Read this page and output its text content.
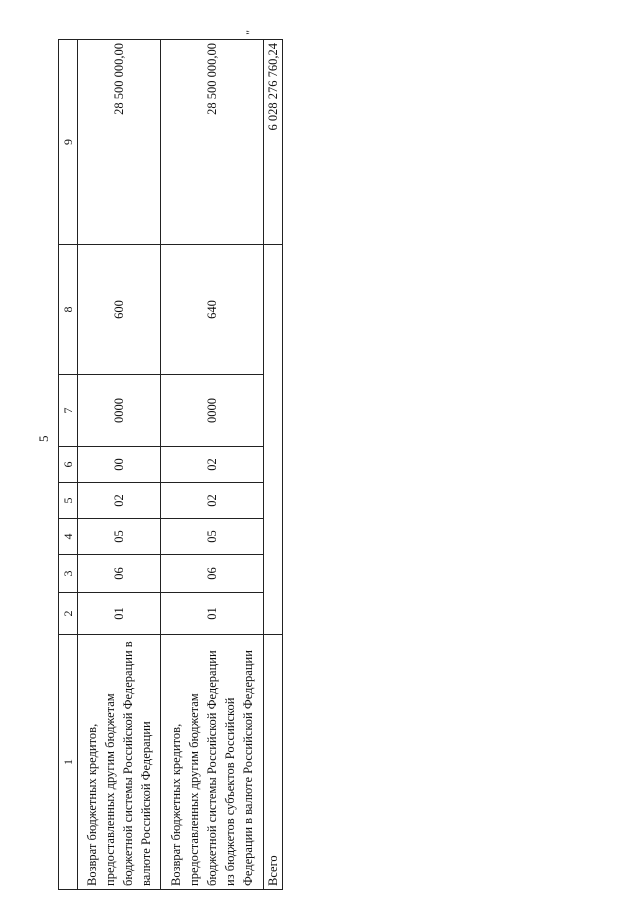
5
1	2	3	4	5	6	7	8	9
Возврат бюджетных кредитов, предоставленных другим бюджетам бюджетной системы Российской Федерации в валюте Российской Федерации	01	06	05	02	00	0000	600	28 500 000,00
Возврат бюджетных кредитов, предоставленных другим бюджетам бюджетной системы Российской Федерации из бюджетов субъектов Российской Федерации в валюте Российской Федерации	01	06	05	02	02	0000	640	28 500 000,00
Всего								6 028 276 760,24
"
